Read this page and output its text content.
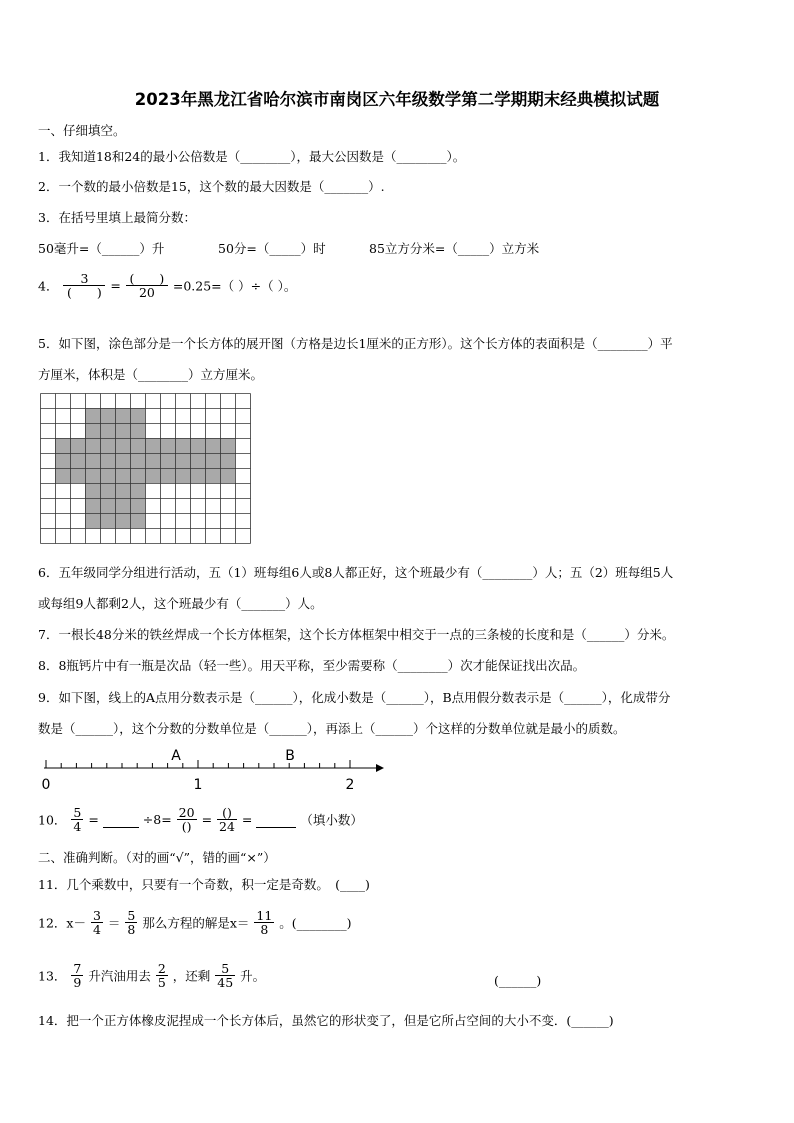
2023年黑龙江省哈尔滨市南岗区六年级数学第二学期期末经典模拟试题
一、仔细填空。
1．我知道18和24的最小公倍数是（________），最大公因数是（________）。
2．一个数的最小倍数是15，这个数的最大因数是（_______）.
3．在括号里填上最简分数：
50毫升=（______）升	50分=（_____）时	85立方分米=（_____）立方米
4． $\frac{3}{( )} = \frac{( )}{20} =0.25=$（ ）÷（ ）。
5．如下图，涂色部分是一个长方体的展开图（方格是边长1厘米的正方形）。这个长方体的表面积是（________）平
方厘米，体积是（________）立方厘米。
6．五年级同学分组进行活动，五（1）班每组6人或8人都正好，这个班最少有（________）人；五（2）班每组5人
或每组9人都剩2人，这个班最少有（_______）人。
7．一根长48分米的铁丝焊成一个长方体框架，这个长方体框架中相交于一点的三条棱的长度和是（______）分米。
8．8瓶钙片中有一瓶是次品（轻一些）。用天平称，至少需要称（________）次才能保证找出次品。
9．如下图，线上的A点用分数表示是（______），化成小数是（______），B点用假分数表示是（______），化成带分
数是（______），这个分数的分数单位是（______），再添上（______）个这样的分数单位就是最小的质数。
A	B
0	1	2
10． $\frac{5}{4}$ =	$\div 8= \frac{20}{()} = \frac{()}{24}$ =	（填小数）
二、准确判断。（对的画“√”，错的画“×”）
11．几个乘数中，只要有一个奇数，积一定是奇数。　(____)
12．$x- \frac{3}{4} = \frac{5}{8}$ 那么方程的解是$x= \frac{11}{8}$ 。(________)
13． $\frac{7}{9}$ 升汽油用去 $\frac{2}{5}$ ，还剩 $\frac{5}{45}$ 升。	(______)
14．把一个正方体橡皮泥捏成一个长方体后，虽然它的形状变了，但是它所占空间的大小不变．(______)
